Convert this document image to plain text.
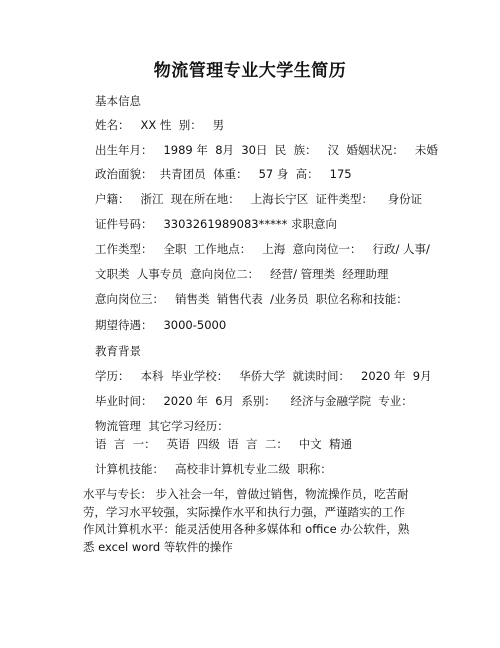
物流管理专业大学生简历
基本信息
姓名：   XX 性  别：   男
出生年月：   1989 年  8月  30日  民  族：   汉  婚姻状况：   未婚
政治面貌：  共青团员  体重：   57 身  高：   175
户籍：   浙江  现在所在地：   上海长宁区  证件类型：    身份证
证件号码：   3303261989083***** 求职意向
工作类型：   全职  工作地点：   上海  意向岗位一：   行政/ 人事/
文职类  人事专员  意向岗位二：   经营/ 管理类  经理助理
意向岗位三：   销售类  销售代表  /业务员  职位名称和技能：
期望待遇：   3000-5000
教育背景
学历：   本科  毕业学校：   华侨大学  就读时间：   2020 年  9月
毕业时间：   2020 年  6月  系别：    经济与金融学院  专业：
物流管理  其它学习经历：
语  言  一：   英语  四级  语  言  二：   中文  精通
计算机技能：   高校非计算机专业二级  职称：
水平与专长： 步入社会一年，曾做过销售，物流操作员，吃苦耐劳，学习水平较强，实际操作水平和执行力强，严谨踏实的工作作风计算机水平：能灵活使用各种多媒体和 office 办公软件，熟悉 excel word 等软件的操作
